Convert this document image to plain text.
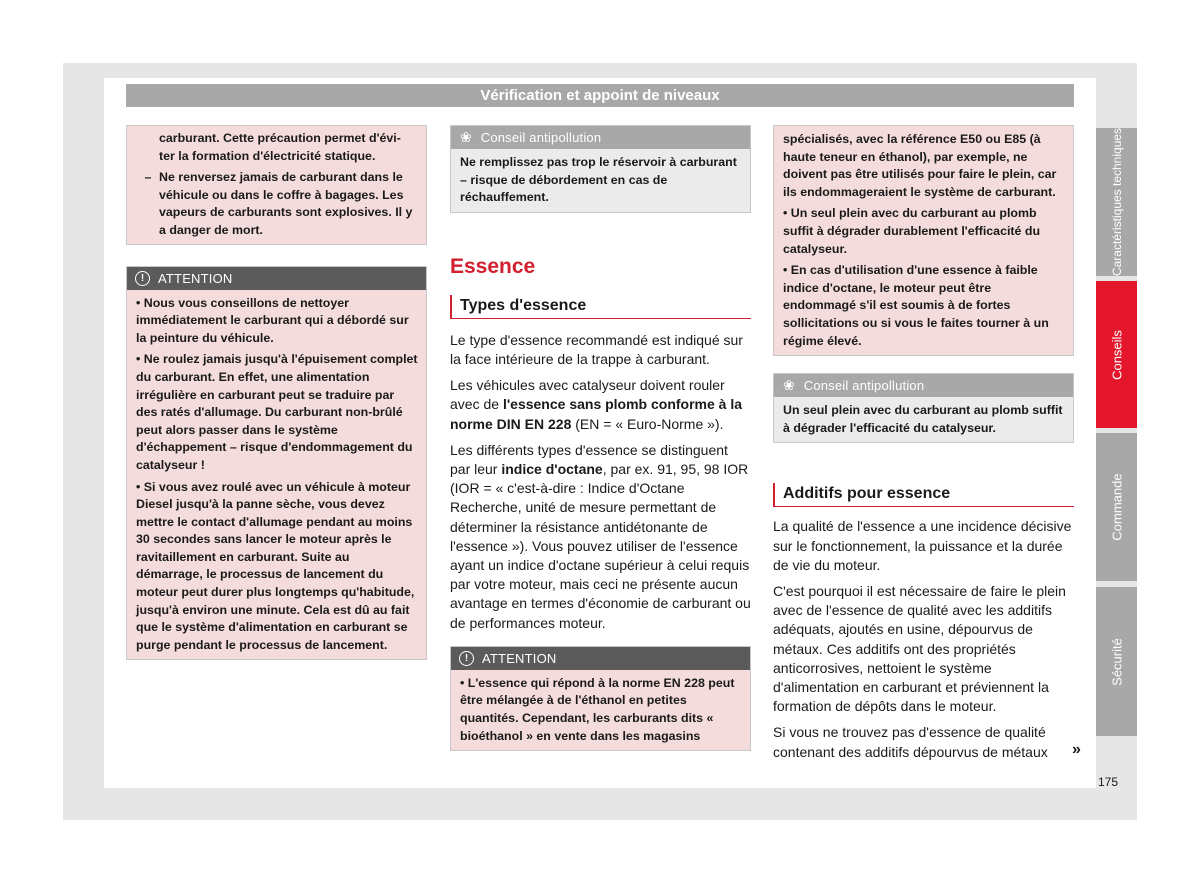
Vérification et appoint de niveaux

carburant. Cette précaution permet d'évi-

ter la formation d'électricité statique.

– Ne renversez jamais de carburant dans le véhicule ou dans le coffre à bagages. Les vapeurs de carburants sont explosives. Il y a danger de mort.
!	ATTENTION

• Nous vous conseillons de nettoyer immédiatement le carburant qui a débordé sur la peinture du véhicule.

• Ne roulez jamais jusqu'à l'épuisement complet du carburant. En effet, une alimentation irrégulière en carburant peut se traduire par des ratés d'allumage. Du carburant non-brûlé peut alors passer dans le système d'échappement – risque d'endommagement du catalyseur !

• Si vous avez roulé avec un véhicule à moteur Diesel jusqu'à la panne sèche, vous devez mettre le contact d'allumage pendant au moins 30 secondes sans lancer le moteur après le ravitaillement en carburant. Suite au démarrage, le processus de lancement du moteur peut durer plus longtemps qu'habitude, jusqu'à environ une minute. Cela est dû au fait que le système d'alimentation en carburant se purge pendant le processus de lancement.

❀ Conseil antipollution
Ne remplissez pas trop le réservoir à carburant – risque de débordement en cas de réchauffement.
Essence
Types d'essence

Le type d'essence recommandé est indiqué sur la face intérieure de la trappe à carburant.

Les véhicules avec catalyseur doivent rouler avec de l'essence sans plomb conforme à la norme DIN EN 228 (EN = « Euro-Norme »).

Les différents types d'essence se distinguent par leur indice d'octane, par ex. 91, 95, 98 IOR (IOR = « c'est-à-dire : Indice d'Octane Recherche, unité de mesure permettant de déterminer la résistance antidétonante de l'essence »). Vous pouvez utiliser de l'essence ayant un indice d'octane supérieur à celui requis par votre moteur, mais ceci ne présente aucun avantage en termes d'économie de carburant ou de performances moteur.

!	ATTENTION
• L'essence qui répond à la norme EN 228 peut être mélangée à de l'éthanol en petites quantités. Cependant, les carburants dits « bioéthanol » en vente dans les magasins

spécialisés, avec la référence E50 ou E85 (à haute teneur en éthanol), par exemple, ne doivent pas être utilisés pour faire le plein, car ils endommageraient le système de carburant.

• Un seul plein avec du carburant au plomb suffit à dégrader durablement l'efficacité du catalyseur.

• En cas d'utilisation d'une essence à faible indice d'octane, le moteur peut être endommagé s'il est soumis à de fortes sollicitations ou si vous le faites tourner à un régime élevé.

❀ Conseil antipollution
Un seul plein avec du carburant au plomb suffit à dégrader l'efficacité du catalyseur.
Additifs pour essence

La qualité de l'essence a une incidence décisive sur le fonctionnement, la puissance et la durée de vie du moteur.

C'est pourquoi il est nécessaire de faire le plein avec de l'essence de qualité avec les additifs adéquats, ajoutés en usine, dépourvus de métaux. Ces additifs ont des propriétés anticorrosives, nettoient le système d'alimentation en carburant et préviennent la formation de dépôts dans le moteur.

Si vous ne trouvez pas d'essence de qualité contenant des additifs dépourvus de métaux	»
Caractéristiques techniques
Conseils
Commande
Sécurité
175
